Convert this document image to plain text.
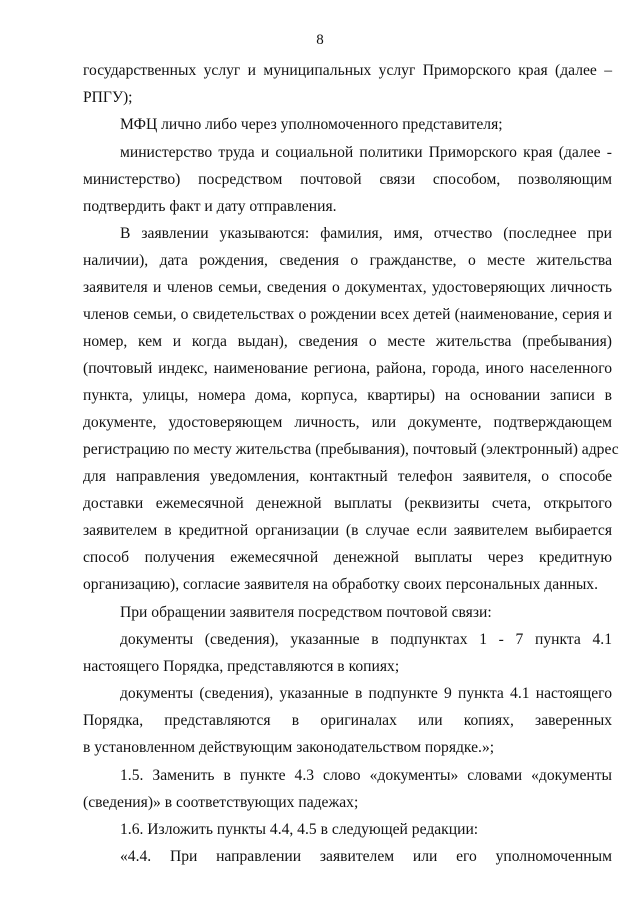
8
государственных услуг и муниципальных услуг Приморского края (далее –
РПГУ);
МФЦ лично либо через уполномоченного представителя;
министерство труда и социальной политики Приморского края (далее -
министерство) посредством почтовой связи способом, позволяющим
подтвердить факт и дату отправления.
В заявлении указываются: фамилия, имя, отчество (последнее при
наличии), дата рождения, сведения о гражданстве, о месте жительства
заявителя и членов семьи, сведения о документах, удостоверяющих личность
членов семьи, о свидетельствах о рождении всех детей (наименование, серия и
номер, кем и когда выдан), сведения о месте жительства (пребывания)
(почтовый индекс, наименование региона, района, города, иного населенного
пункта, улицы, номера дома, корпуса, квартиры) на основании записи в
документе, удостоверяющем личность, или документе, подтверждающем
регистрацию по месту жительства (пребывания), почтовый (электронный) адрес
для направления уведомления, контактный телефон заявителя, о способе
доставки ежемесячной денежной выплаты (реквизиты счета, открытого
заявителем в кредитной организации (в случае если заявителем выбирается
способ получения ежемесячной денежной выплаты через кредитную
организацию), согласие заявителя на обработку своих персональных данных.
При обращении заявителя посредством почтовой связи:
документы (сведения), указанные в подпунктах 1 - 7 пункта 4.1
настоящего Порядка, представляются в копиях;
документы (сведения), указанные в подпункте 9 пункта 4.1 настоящего
Порядка, представляются в оригиналах или копиях, заверенных
в установленном действующим законодательством порядке.»;
1.5. Заменить в пункте 4.3 слово «документы» словами «документы
(сведения)» в соответствующих падежах;
1.6. Изложить пункты 4.4, 4.5 в следующей редакции:
«4.4. При направлении заявителем или его уполномоченным
